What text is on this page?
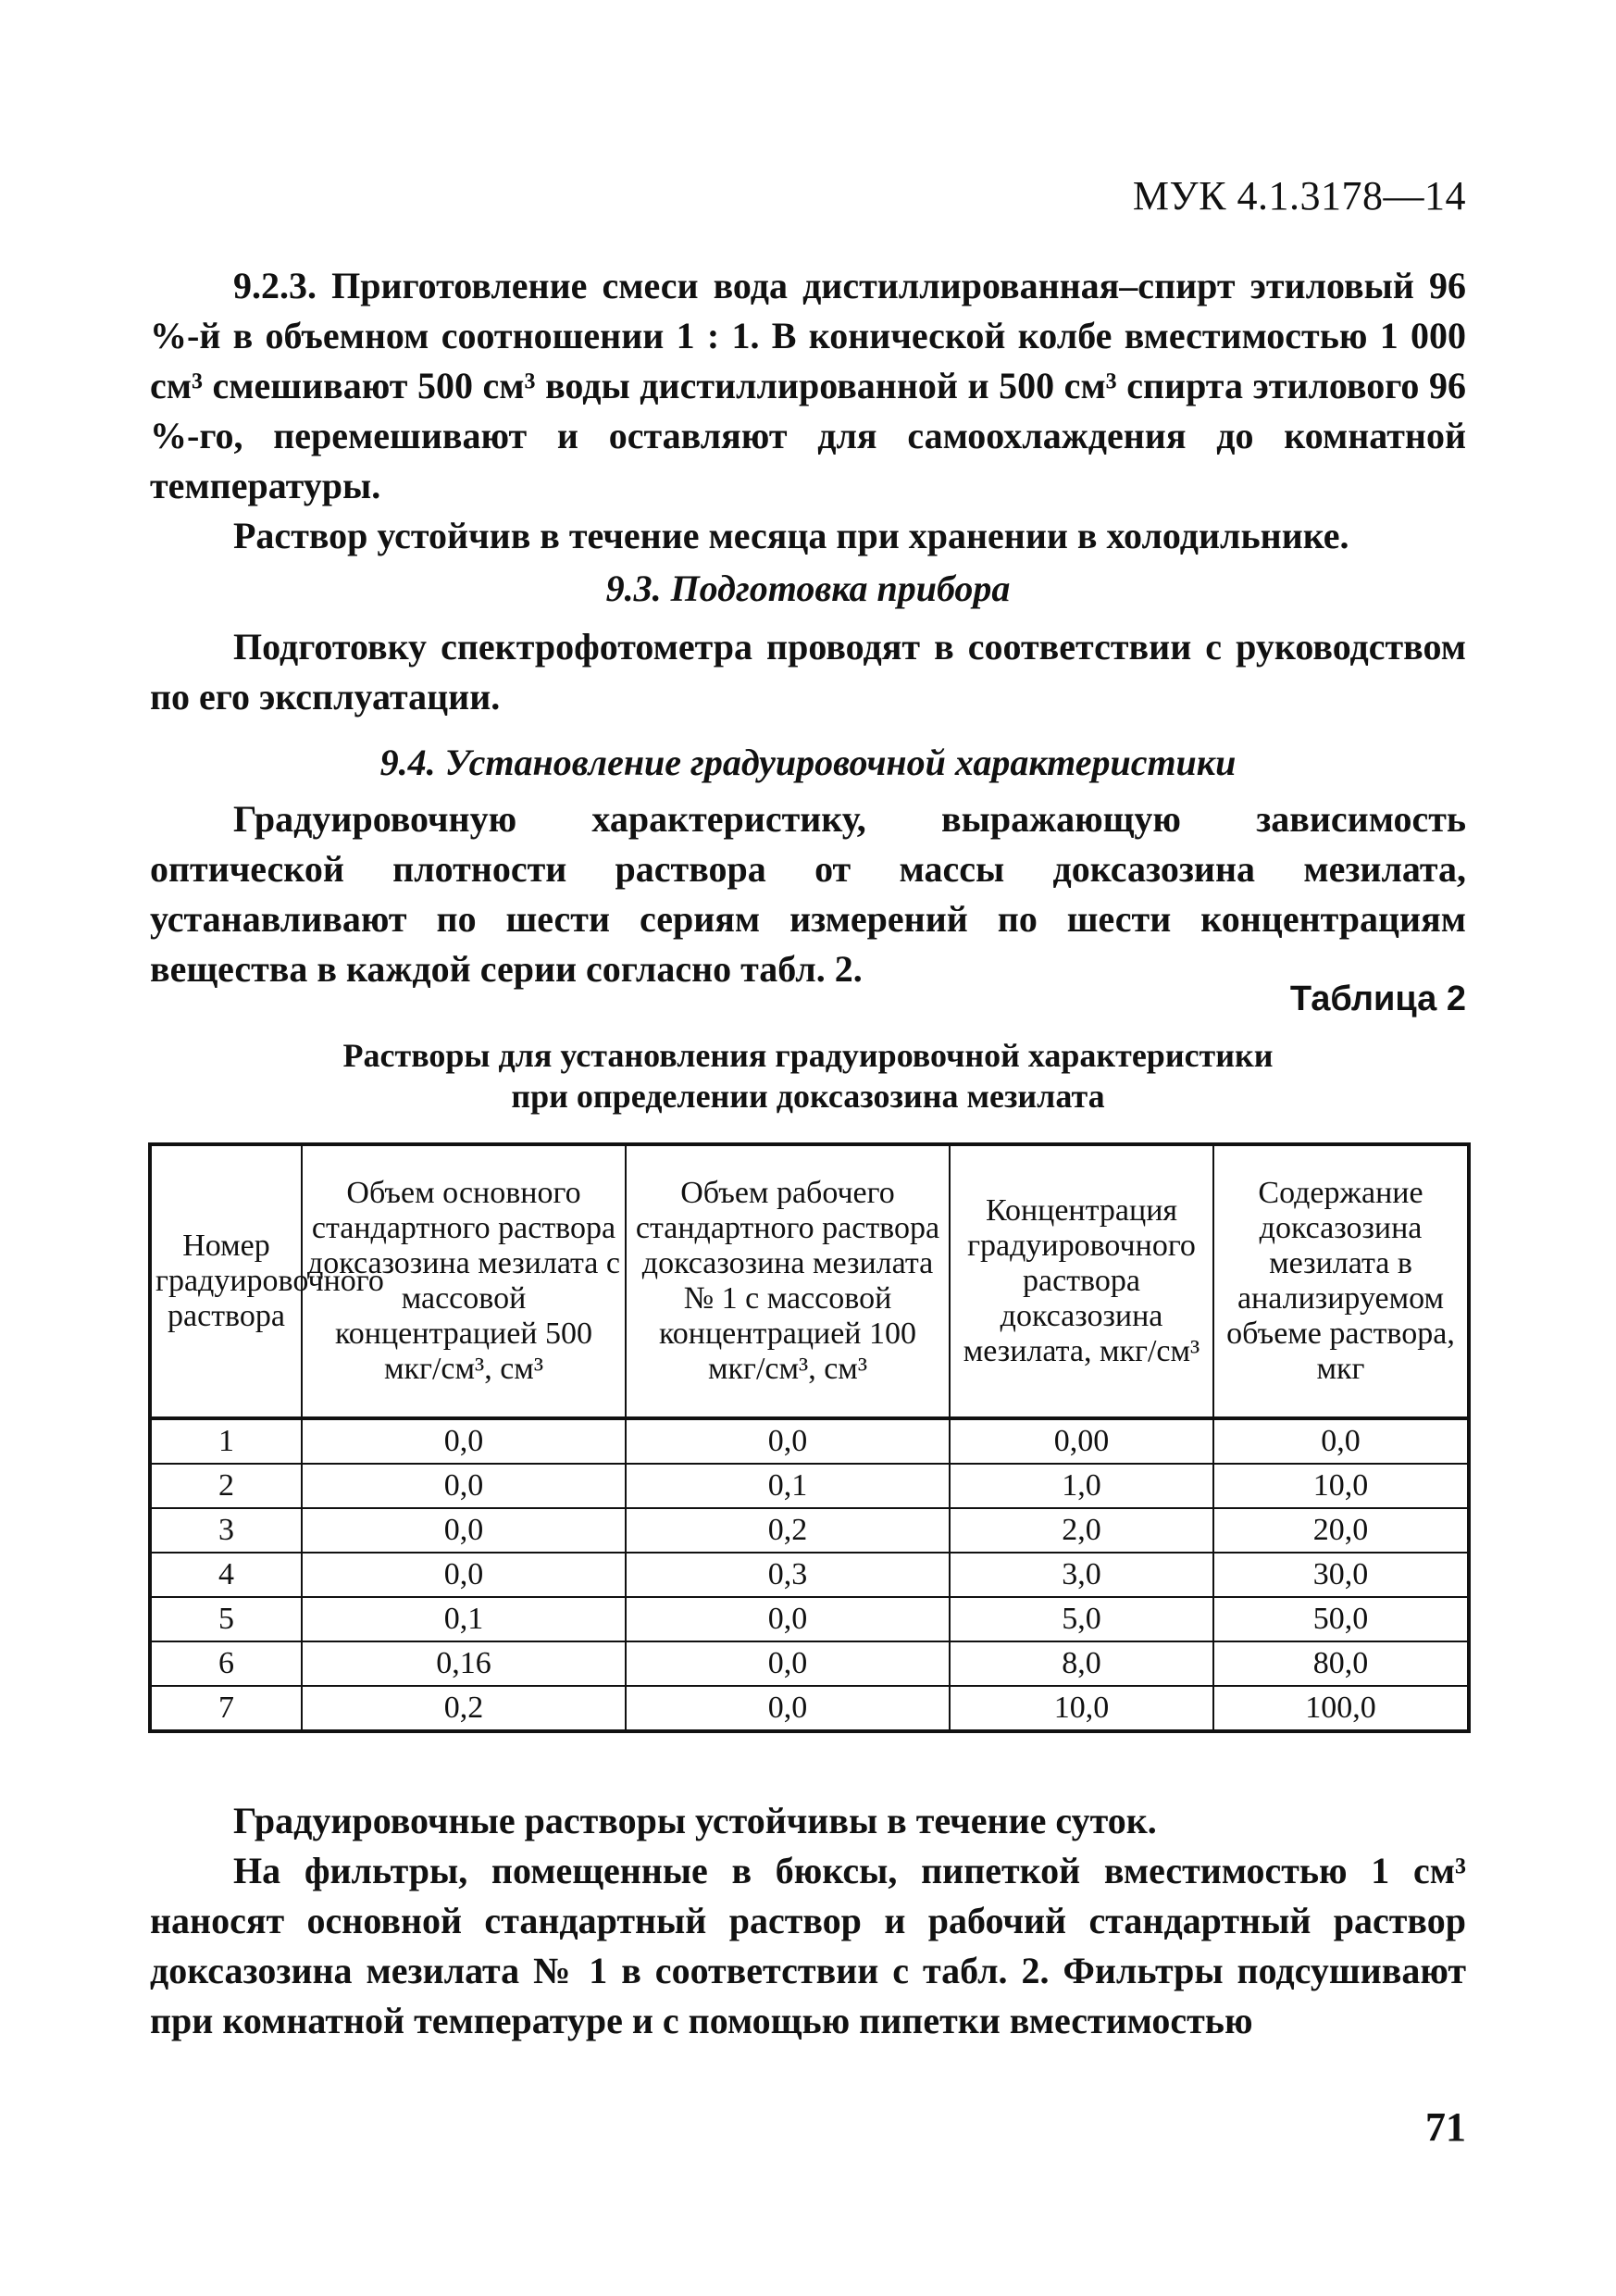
МУК 4.1.3178—14

9.2.3. Приготовление смеси вода дистиллированная–спирт этиловый 96 %-й в объемном соотношении 1 : 1. В конической колбе вместимостью 1 000 см³ смешивают 500 см³ воды дистиллированной и 500 см³ спирта этилового 96 %-го, перемешивают и оставляют для самоохлаждения до комнатной температуры.

Раствор устойчив в течение месяца при хранении в холодильнике.

9.3. Подготовка прибора

Подготовку спектрофотометра проводят в соответствии с руководством по его эксплуатации.

9.4. Установление градуировочной характеристики

Градуировочную характеристику, выражающую зависимость оптической плотности раствора от массы доксазозина мезилата, устанавливают по шести сериям измерений по шести концентрациям вещества в каждой серии согласно табл. 2.

Таблица 2
Растворы для установления градуировочной характеристики
при определении доксазозина мезилата
Номер градуировочного раствора	Объем основного стандартного раствора доксазозина мезилата с массовой концентрацией 500 мкг/см³, см³	Объем рабочего стандартного раствора доксазозина мезилата № 1 с массовой концентрацией 100 мкг/см³, см³	Концентрация градуировочного раствора доксазозина мезилата, мкг/см³	Содержание доксазозина мезилата в анализируемом объеме раствора, мкг
1	0,0	0,0	0,00	0,0
2	0,0	0,1	1,0	10,0
3	0,0	0,2	2,0	20,0
4	0,0	0,3	3,0	30,0
5	0,1	0,0	5,0	50,0
6	0,16	0,0	8,0	80,0
7	0,2	0,0	10,0	100,0

Градуировочные растворы устойчивы в течение суток.

На фильтры, помещенные в бюксы, пипеткой вместимостью 1 см³ наносят основной стандартный раствор и рабочий стандартный раствор доксазозина мезилата № 1 в соответствии с табл. 2. Фильтры подсушивают при комнатной температуре и с помощью пипетки вместимостью

71
